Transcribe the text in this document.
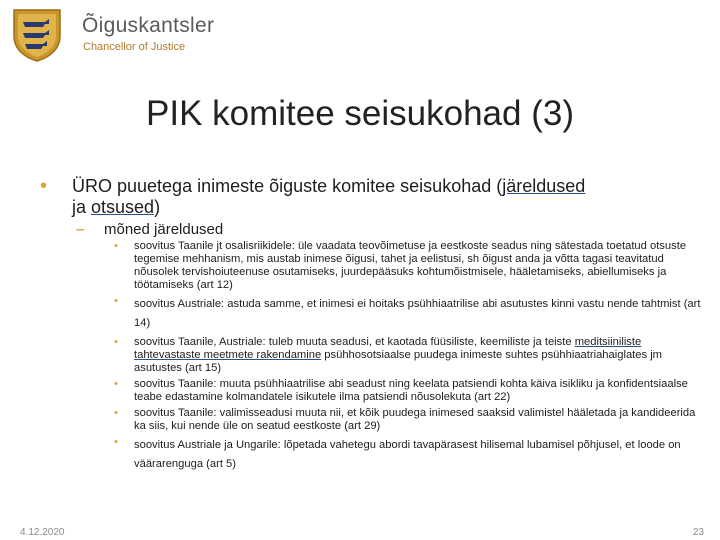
Õiguskantsler
Chancellor of Justice
PIK komitee seisukohad (3)
• ÜRO puuetega inimeste õiguste komitee seisukohad (järeldused
ja otsused)
– mõned järeldused
• soovitus Taanile jt osalisriikidele: üle vaadata teovõimetuse ja eestkoste seadus ning sätestada toetatud otsuste tegemise mehhanism, mis austab inimese õigusi, tahet ja eelistusi, sh õigust anda ja võtta tagasi teavitatud nõusolek tervishoiuteenuse osutamiseks, juurdepääsuks kohtumõistmisele, hääletamiseks, abiellumiseks ja töötamiseks (art 12)
• soovitus Austriale: astuda samme, et inimesi ei hoitaks psühhiaatrilise abi asutustes kinni vastu nende tahtmist (art 14)
• soovitus Taanile, Austriale: tuleb muuta seadusi, et kaotada füüsiliste, keemiliste ja teiste meditsiiniliste tahtevastaste meetmete rakendamine psühhosotsiaalse puudega inimeste suhtes psühhiaatriahaiglates jm asutustes (art 15)
• soovitus Taanile: muuta psühhiaatrilise abi seadust ning keelata patsiendi kohta käiva isikliku ja konfidentsiaalse teabe edastamine kolmandatele isikutele ilma patsiendi nõusolekuta (art 22)
• soovitus Taanile: valimisseadusi muuta nii, et kõik puudega inimesed saaksid valimistel hääletada ja kandideerida ka siis, kui nende üle on seatud eestkoste (art 29)
• soovitus Austriale ja Ungarile: lõpetada vahetegu abordi tavapärasest hilisemal lubamisel põhjusel, et loode on väärarenguga (art 5)
4.12.2020	23
